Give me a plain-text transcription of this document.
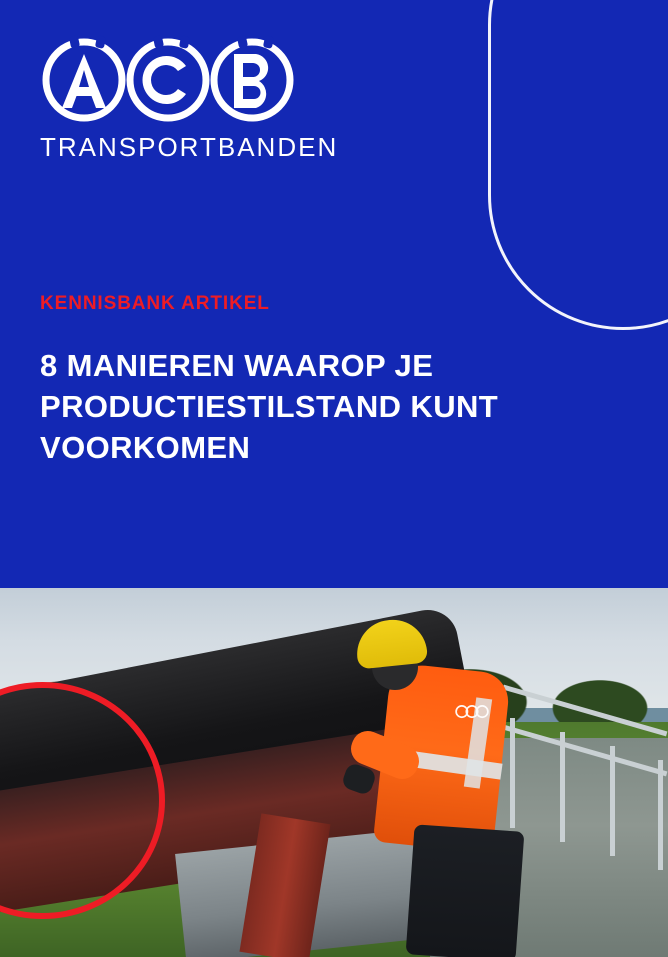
TRANSPORTBANDEN
KENNISBANK ARTIKEL
8 MANIEREN WAAROP JE PRODUCTIESTILSTAND KUNT VOORKOMEN
